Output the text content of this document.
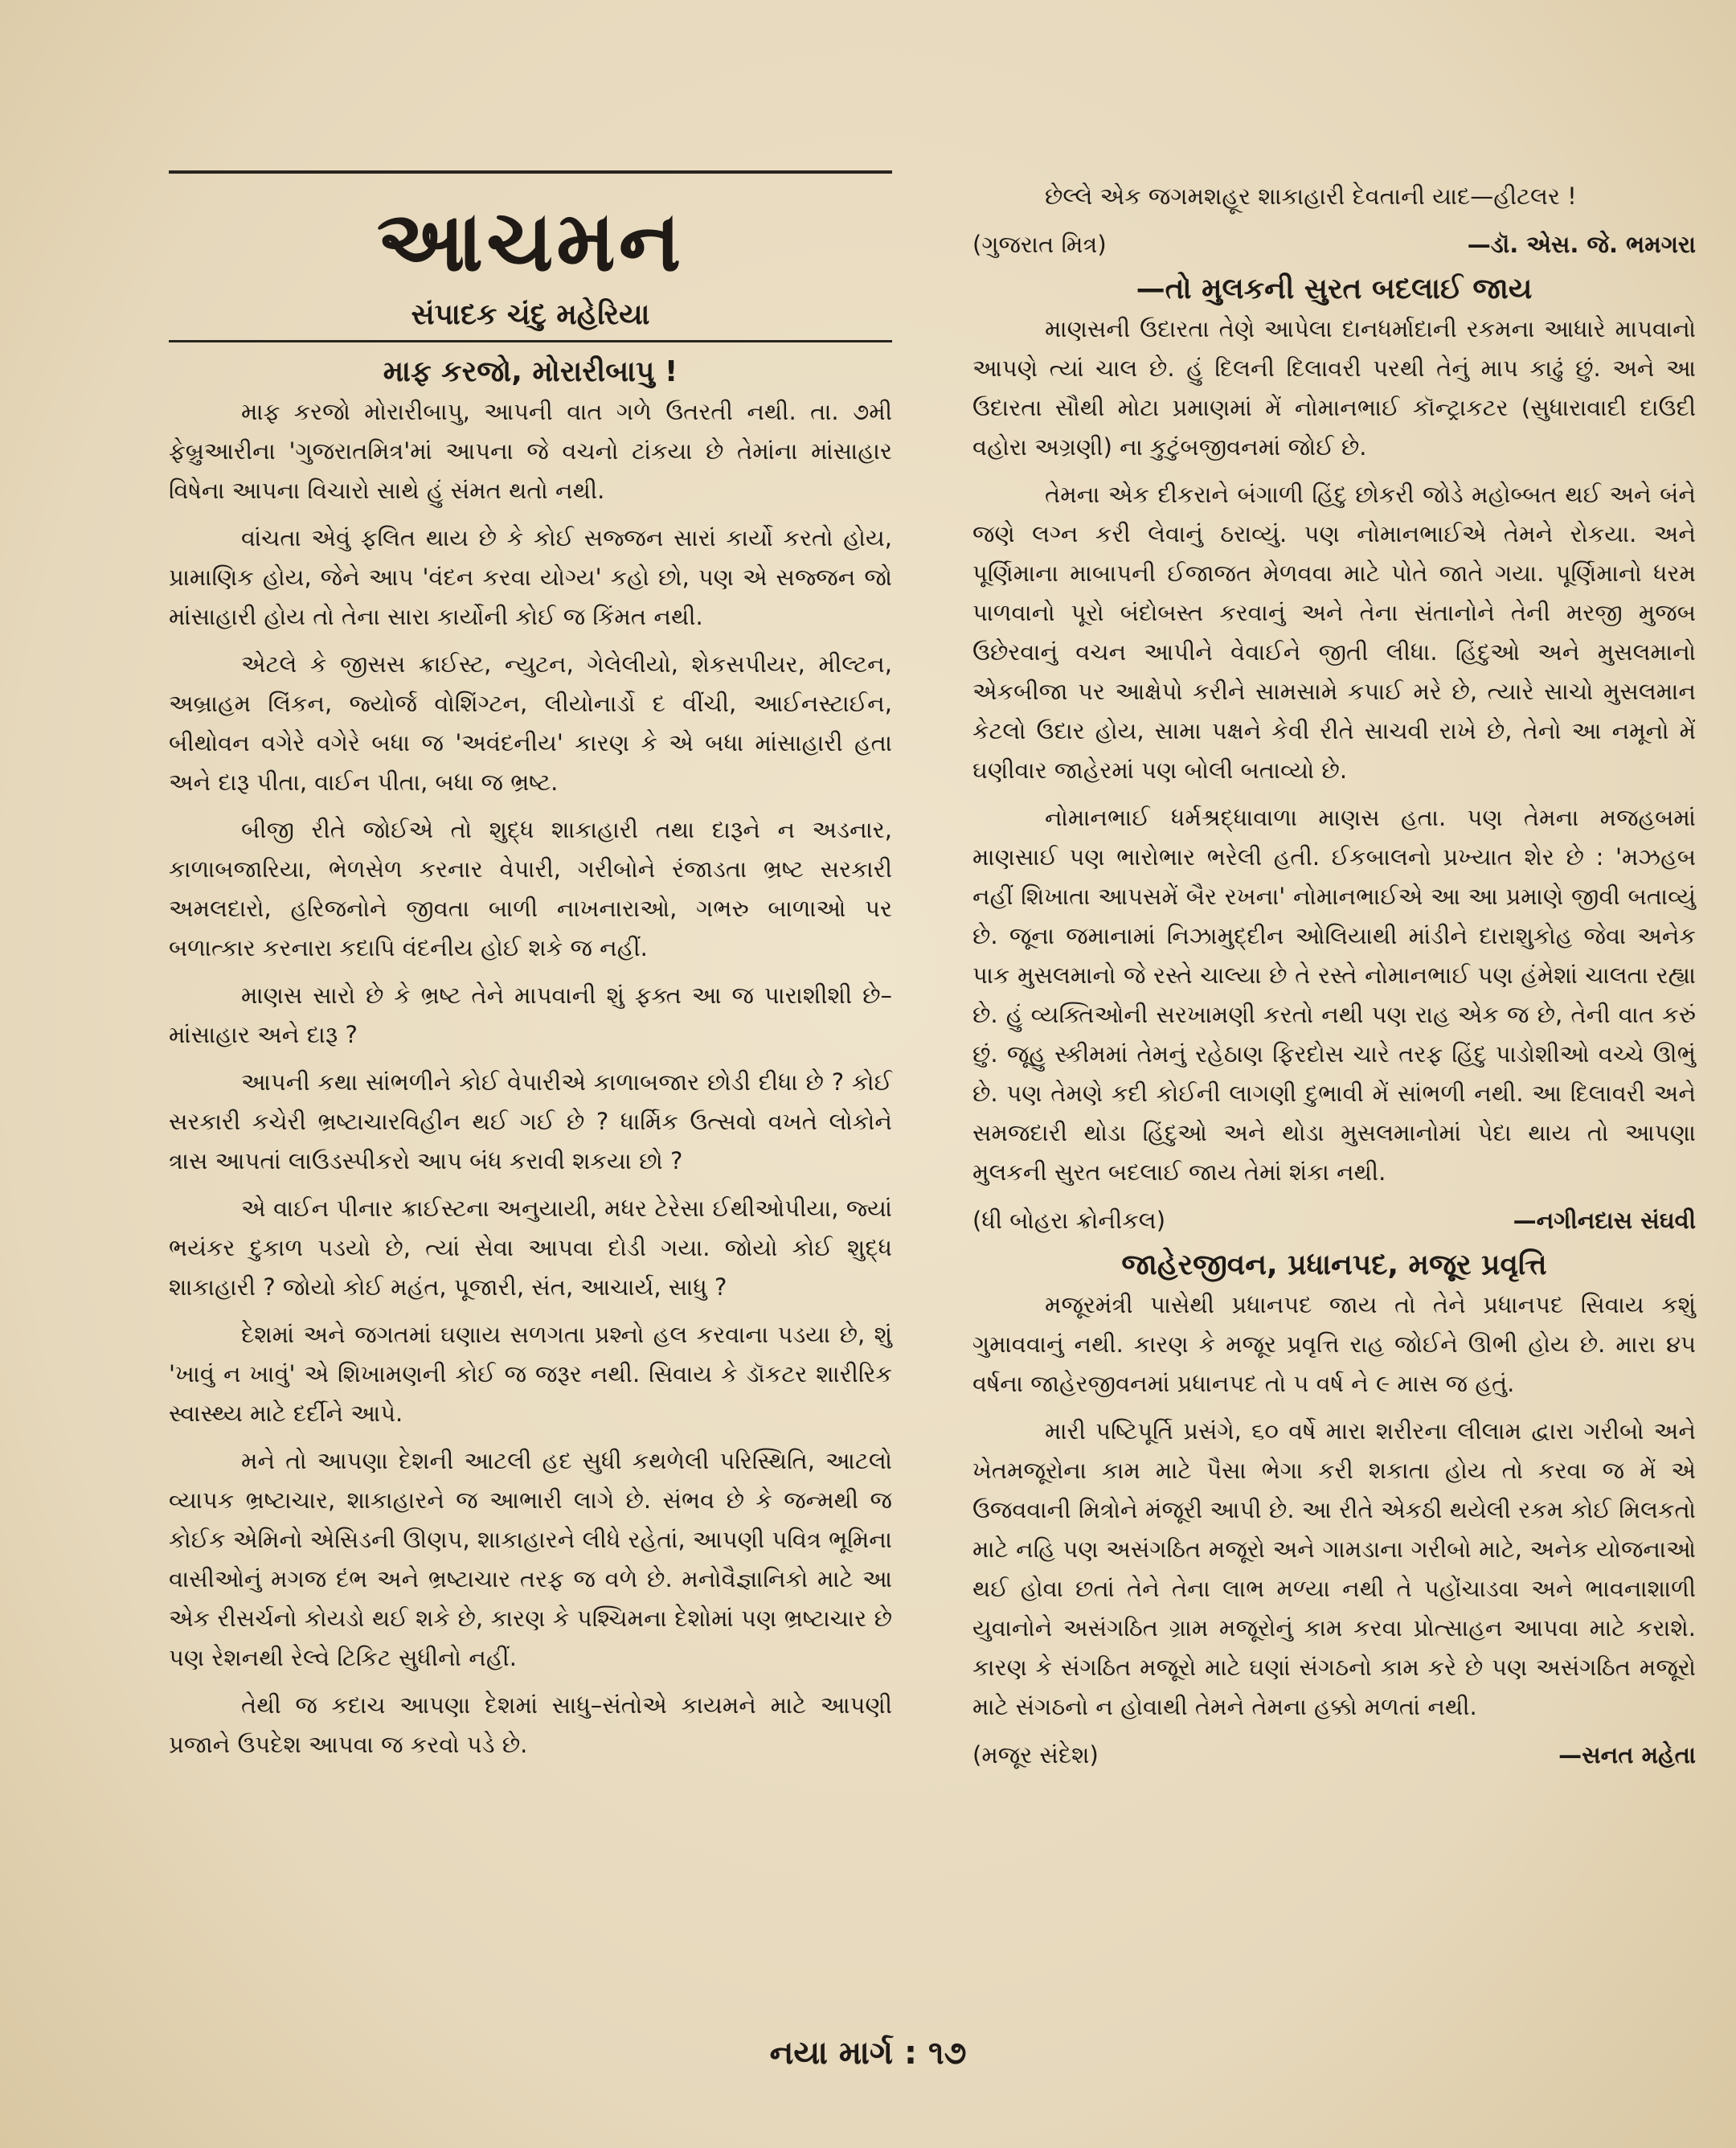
આચમન
સંપાદક ચંદુ મહેરિયા

માફ કરજો, મોરારીબાપુ !

માફ કરજો મોરારીબાપુ, આપની વાત ગળે ઉતરતી નથી. તા. ૭મી ફેબ્રુઆરીના 'ગુજરાતમિત્ર'માં આપના જે વચનો ટાંકયા છે તેમાંના માંસાહાર વિષેના આપના વિચારો સાથે હું સંમત થતો નથી.

વાંચતા એવું ફલિત થાય છે કે કોઈ સજ્જન સારાં કાર્યો કરતો હોય, પ્રામાણિક હોય, જેને આપ 'વંદન કરવા યોગ્ય' કહો છો, પણ એ સજ્જન જો માંસાહારી હોય તો તેના સારા કાર્યોની કોઈ જ કિંમત નથી.

એટલે કે જીસસ ક્રાઈસ્ટ, ન્યુટન, ગેલેલીયો, શેકસપીયર, મીલ્ટન, અબ્રાહમ લિંકન, જ્યોર્જ વોશિંગ્ટન, લીયોનાર્ડો દ વીંચી, આઈનસ્ટાઈન, બીથોવન વગેરે વગેરે બધા જ 'અવંદનીય' કારણ કે એ બધા માંસાહારી હતા અને દારૂ પીતા, વાઈન પીતા, બધા જ ભ્રષ્ટ.

બીજી રીતે જોઈએ તો શુદ્ધ શાકાહારી તથા દારૂને ન અડનાર, કાળાબજારિયા, ભેળસેળ કરનાર વેપારી, ગરીબોને રંજાડતા ભ્રષ્ટ સરકારી અમલદારો, હરિજનોને જીવતા બાળી નાખનારાઓ, ગભરુ બાળાઓ પર બળાત્કાર કરનારા કદાપિ વંદનીય હોઈ શકે જ નહીં.

માણસ સારો છે કે ભ્રષ્ટ તેને માપવાની શું ફક્ત આ જ પારાશીશી છે–માંસાહાર અને દારૂ ?

આપની કથા સાંભળીને કોઈ વેપારીએ કાળાબજાર છોડી દીધા છે ? કોઈ સરકારી કચેરી ભ્રષ્ટાચારવિહીન થઈ ગઈ છે ? ધાર્મિક ઉત્સવો વખતે લોકોને ત્રાસ આપતાં લાઉડસ્પીકરો આપ બંધ કરાવી શકયા છો ?

એ વાઈન પીનાર ક્રાઈસ્ટના અનુયાયી, મધર ટેરેસા ઈથીઓપીયા, જ્યાં ભયંકર દુકાળ પડયો છે, ત્યાં સેવા આપવા દોડી ગયા. જોયો કોઈ શુદ્ધ શાકાહારી ? જોયો કોઈ મહંત, પૂજારી, સંત, આચાર્ય, સાધુ ?

દેશમાં અને જગતમાં ઘણાય સળગતા પ્રશ્નો હલ કરવાના પડયા છે, શું 'ખાવું ન ખાવું' એ શિખામણની કોઈ જ જરૂર નથી. સિવાય કે ડૉકટર શારીરિક સ્વાસ્થ્ય માટે દર્દીને આપે.

મને તો આપણા દેશની આટલી હદ સુધી કથળેલી પરિસ્થિતિ, આટલો વ્યાપક ભ્રષ્ટાચાર, શાકાહારને જ આભારી લાગે છે. સંભવ છે કે જન્મથી જ કોઈક એમિનો એસિડની ઊણપ, શાકાહારને લીધે રહેતાં, આપણી પવિત્ર ભૂમિના વાસીઓનું મગજ દંભ અને ભ્રષ્ટાચાર તરફ જ વળે છે. મનોવૈજ્ઞાનિકો માટે આ એક રીસર્ચનો કોયડો થઈ શકે છે, કારણ કે પશ્ચિમના દેશોમાં પણ ભ્રષ્ટાચાર છે પણ રેશનથી રેલ્વે ટિકિટ સુધીનો નહીં.

તેથી જ કદાચ આપણા દેશમાં સાધુ–સંતોએ કાયમને માટે આપણી પ્રજાને ઉપદેશ આપવા જ કરવો પડે છે.

છેલ્લે એક જગમશહૂર શાકાહારી દેવતાની યાદ—હીટલર !

(ગુજરાત મિત્ર)	—ડૉ. એસ. જે. ભમગરા

—તો મુલકની સુરત બદલાઈ જાય

માણસની ઉદારતા તેણે આપેલા દાનધર્માદાની રકમના આધારે માપવાનો આપણે ત્યાં ચાલ છે. હું દિલની દિલાવરી પરથી તેનું માપ કાઢું છું. અને આ ઉદારતા સૌથી મોટા પ્રમાણમાં મેં નોમાનભાઈ કૉન્ટ્રાકટર (સુધારાવાદી દાઉદી વહોરા અગ્રણી) ના કુટુંબજીવનમાં જોઈ છે.

તેમના એક દીકરાને બંગાળી હિંદુ છોકરી જોડે મહોબ્બત થઈ અને બંને જણે લગ્ન કરી લેવાનું ઠરાવ્યું. પણ નોમાનભાઈએ તેમને રોકયા. અને પૂર્ણિમાના માબાપની ઈજાજત મેળવવા માટે પોતે જાતે ગયા. પૂર્ણિમાનો ધરમ પાળવાનો પૂરો બંદોબસ્ત કરવાનું અને તેના સંતાનોને તેની મરજી મુજબ ઉછેરવાનું વચન આપીને વેવાઈને જીતી લીધા. હિંદુઓ અને મુસલમાનો એકબીજા પર આક્ષેપો કરીને સામસામે કપાઈ મરે છે, ત્યારે સાચો મુસલમાન કેટલો ઉદાર હોય, સામા પક્ષને કેવી રીતે સાચવી રાખે છે, તેનો આ નમૂનો મેં ઘણીવાર જાહેરમાં પણ બોલી બતાવ્યો છે.

નોમાનભાઈ ધર્મશ્રદ્ધાવાળા માણસ હતા. પણ તેમના મજહબમાં માણસાઈ પણ ભારોભાર ભરેલી હતી. ઈકબાલનો પ્રખ્યાત શેર છે : 'મઝહબ નહીં શિખાતા આપસમેં બૈર રખના' નોમાનભાઈએ આ આ પ્રમાણે જીવી બતાવ્યું છે. જૂના જમાનામાં નિઝામુદ્દીન ઓલિયાથી માંડીને દારાશુકોહ જેવા અનેક પાક મુસલમાનો જે રસ્તે ચાલ્યા છે તે રસ્તે નોમાનભાઈ પણ હંમેશાં ચાલતા રહ્યા છે. હું વ્યક્તિઓની સરખામણી કરતો નથી પણ રાહ એક જ છે, તેની વાત કરું છું. જૂહુ સ્કીમમાં તેમનું રહેઠાણ ફિરદોસ ચારે તરફ હિંદુ પાડોશીઓ વચ્ચે ઊભું છે. પણ તેમણે કદી કોઈની લાગણી દુભાવી મેં સાંભળી નથી. આ દિલાવરી અને સમજદારી થોડા હિંદુઓ અને થોડા મુસલમાનોમાં પેદા થાય તો આપણા મુલકની સુરત બદલાઈ જાય તેમાં શંકા નથી.

(ધી બોહરા ક્રોનીકલ)	—નગીનદાસ સંઘવી

જાહેરજીવન, પ્રધાનપદ, મજૂર પ્રવૃત્તિ

મજૂરમંત્રી પાસેથી પ્રધાનપદ જાય તો તેને પ્રધાનપદ સિવાય કશું ગુમાવવાનું નથી. કારણ કે મજૂર પ્રવૃત્તિ રાહ જોઈને ઊભી હોય છે. મારા ૪૫ વર્ષના જાહેરજીવનમાં પ્રધાનપદ તો ૫ વર્ષ ને ૯ માસ જ હતું.

મારી પષ્ટિપૂર્તિ પ્રસંગે, ૬૦ વર્ષે મારા શરીરના લીલામ દ્વારા ગરીબો અને ખેતમજૂરોના કામ માટે પૈસા ભેગા કરી શકાતા હોય તો કરવા જ મેં એ ઉજવવાની મિત્રોને મંજૂરી આપી છે. આ રીતે એકઠી થયેલી રકમ કોઈ મિલકતો માટે નહિ પણ અસંગઠિત મજૂરો અને ગામડાના ગરીબો માટે, અનેક યોજનાઓ થઈ હોવા છતાં તેને તેના લાભ મળ્યા નથી તે પહોંચાડવા અને ભાવનાશાળી યુવાનોને અસંગઠિત ગ્રામ મજૂરોનું કામ કરવા પ્રોત્સાહન આપવા માટે કરાશે. કારણ કે સંગઠિત મજૂરો માટે ઘણાં સંગઠનો કામ કરે છે પણ અસંગઠિત મજૂરો માટે સંગઠનો ન હોવાથી તેમને તેમના હક્કો મળતાં નથી.

(મજૂર સંદેશ)	—સનત મહેતા
નયા માર્ગ : ૧૭
